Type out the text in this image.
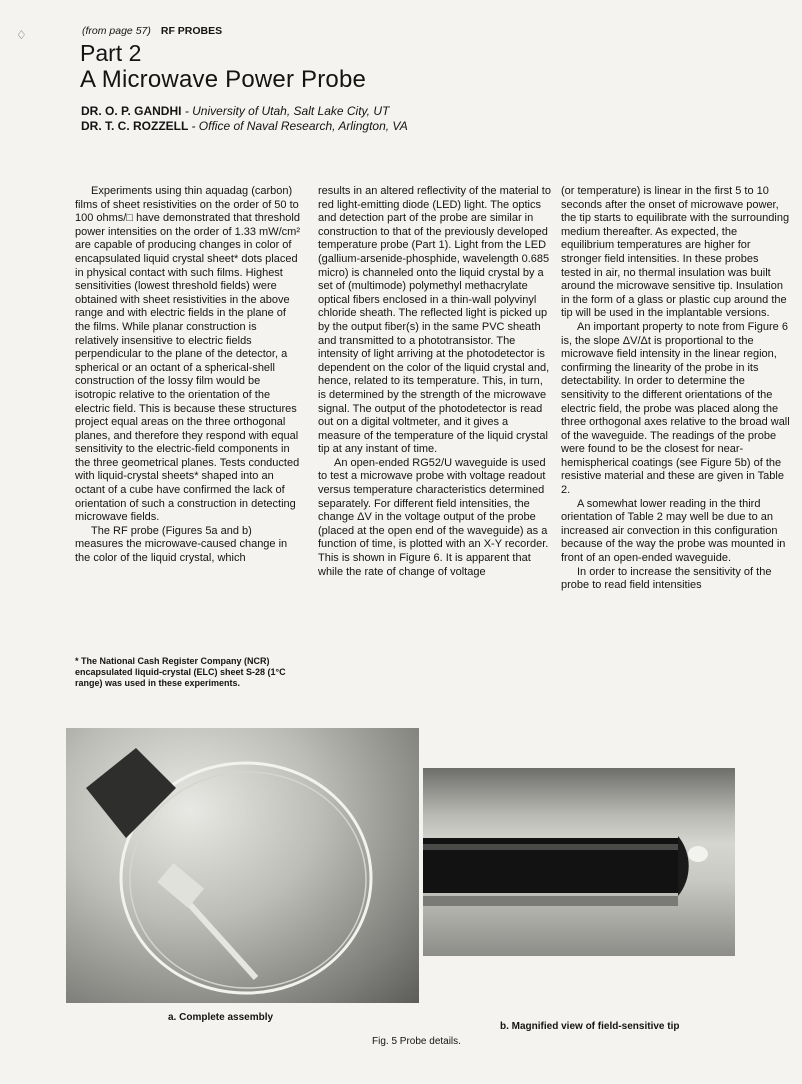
♢	(from page 57) RF PROBES
Part 2
A Microwave Power Probe
DR. O. P. GANDHI - University of Utah, Salt Lake City, UT
DR. T. C. ROZZELL - Office of Naval Research, Arlington, VA

Experiments using thin aquadag (carbon) films of sheet resistivities on the order of 50 to 100 ohms/□ have demonstrated that threshold power intensities on the order of 1.33 mW/cm² are capable of producing changes in color of encapsulated liquid crystal sheet* dots placed in physical contact with such films. Highest sensitivities (lowest threshold fields) were obtained with sheet resistivities in the above range and with electric fields in the plane of the films. While planar construction is relatively insensitive to electric fields perpendicular to the plane of the detector, a spherical or an octant of a spherical-shell construction of the lossy film would be isotropic relative to the orientation of the electric field. This is because these structures project equal areas on the three orthogonal planes, and therefore they respond with equal sensitivity to the electric-field components in the three geometrical planes. Tests conducted with liquid-crystal sheets* shaped into an octant of a cube have confirmed the lack of orientation of such a construction in detecting microwave fields.

The RF probe (Figures 5a and b) measures the microwave-caused change in the color of the liquid crystal, which

* The National Cash Register Company (NCR) encapsulated liquid-crystal (ELC) sheet S-28 (1°C range) was used in these experiments.

results in an altered reflectivity of the material to red light-emitting diode (LED) light. The optics and detection part of the probe are similar in construction to that of the previously developed temperature probe (Part 1). Light from the LED (gallium-arsenide-phosphide, wavelength 0.685 micro) is channeled onto the liquid crystal by a set of (multimode) polymethyl methacrylate optical fibers enclosed in a thin-wall polyvinyl chloride sheath. The reflected light is picked up by the output fiber(s) in the same PVC sheath and transmitted to a phototransistor. The intensity of light arriving at the photodetector is dependent on the color of the liquid crystal and, hence, related to its temperature. This, in turn, is determined by the strength of the microwave signal. The output of the photodetector is read out on a digital voltmeter, and it gives a measure of the temperature of the liquid crystal tip at any instant of time.

An open-ended RG52/U waveguide is used to test a microwave probe with voltage readout versus temperature characteristics determined separately. For different field intensities, the change ΔV in the voltage output of the probe (placed at the open end of the waveguide) as a function of time, is plotted with an X-Y recorder. This is shown in Figure 6. It is apparent that while the rate of change of voltage

(or temperature) is linear in the first 5 to 10 seconds after the onset of microwave power, the tip starts to equilibrate with the surrounding medium thereafter. As expected, the equilibrium temperatures are higher for stronger field intensities. In these probes tested in air, no thermal insulation was built around the microwave sensitive tip. Insulation in the form of a glass or plastic cup around the tip will be used in the implantable versions.

An important property to note from Figure 6 is, the slope ΔV/Δt is proportional to the microwave field intensity in the linear region, confirming the linearity of the probe in its detectability. In order to determine the sensitivity to the different orientations of the electric field, the probe was placed along the three orthogonal axes relative to the broad wall of the waveguide. The readings of the probe were found to be the closest for near-hemispherical coatings (see Figure 5b) of the resistive material and these are given in Table 2.

A somewhat lower reading in the third orientation of Table 2 may well be due to an increased air convection in this configuration because of the way the probe was mounted in front of an open-ended waveguide.

In order to increase the sensitivity of the probe to read field intensities

a. Complete assembly
b. Magnified view of field-sensitive tip
Fig. 5 Probe details.
